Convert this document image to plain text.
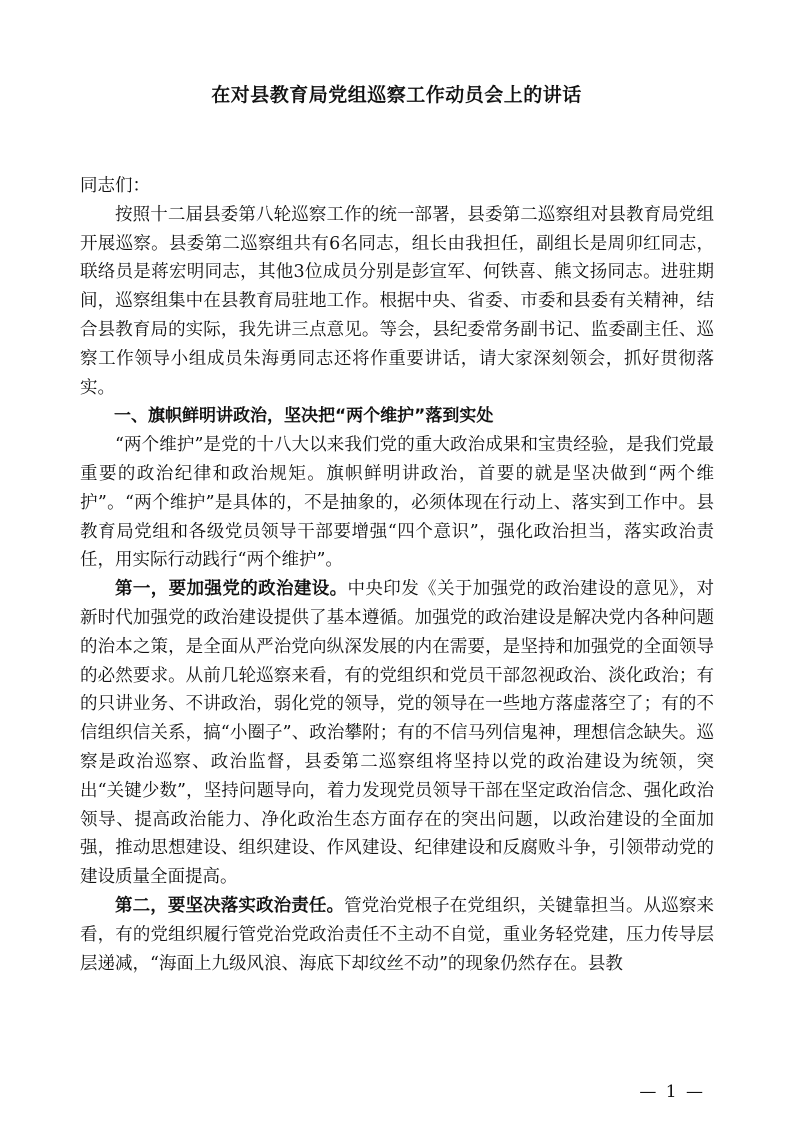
在对县教育局党组巡察工作动员会上的讲话

同志们：

按照十二届县委第八轮巡察工作的统一部署，县委第二巡察组对县教育局党组开展巡察。县委第二巡察组共有6名同志，组长由我担任，副组长是周卯红同志，联络员是蒋宏明同志，其他3位成员分别是彭宣军、何铁喜、熊文扬同志。进驻期间，巡察组集中在县教育局驻地工作。根据中央、省委、市委和县委有关精神，结合县教育局的实际，我先讲三点意见。等会，县纪委常务副书记、监委副主任、巡察工作领导小组成员朱海勇同志还将作重要讲话，请大家深刻领会，抓好贯彻落实。

一、旗帜鲜明讲政治，坚决把“两个维护”落到实处

“两个维护”是党的十八大以来我们党的重大政治成果和宝贵经验，是我们党最重要的政治纪律和政治规矩。旗帜鲜明讲政治，首要的就是坚决做到“两个维护”。“两个维护”是具体的，不是抽象的，必须体现在行动上、落实到工作中。县教育局党组和各级党员领导干部要增强“四个意识”，强化政治担当，落实政治责任，用实际行动践行“两个维护”。

第一，要加强党的政治建设。中央印发《关于加强党的政治建设的意见》，对新时代加强党的政治建设提供了基本遵循。加强党的政治建设是解决党内各种问题的治本之策，是全面从严治党向纵深发展的内在需要，是坚持和加强党的全面领导的必然要求。从前几轮巡察来看，有的党组织和党员干部忽视政治、淡化政治；有的只讲业务、不讲政治，弱化党的领导，党的领导在一些地方落虚落空了；有的不信组织信关系，搞“小圈子”、政治攀附；有的不信马列信鬼神，理想信念缺失。巡察是政治巡察、政治监督，县委第二巡察组将坚持以党的政治建设为统领，突出“关键少数”，坚持问题导向，着力发现党员领导干部在坚定政治信念、强化政治领导、提高政治能力、净化政治生态方面存在的突出问题，以政治建设的全面加强，推动思想建设、组织建设、作风建设、纪律建设和反腐败斗争，引领带动党的建设质量全面提高。

第二，要坚决落实政治责任。管党治党根子在党组织，关键靠担当。从巡察来看，有的党组织履行管党治党政治责任不主动不自觉，重业务轻党建，压力传导层层递减，“海面上九级风浪、海底下却纹丝不动”的现象仍然存在。县教

— 1 —
